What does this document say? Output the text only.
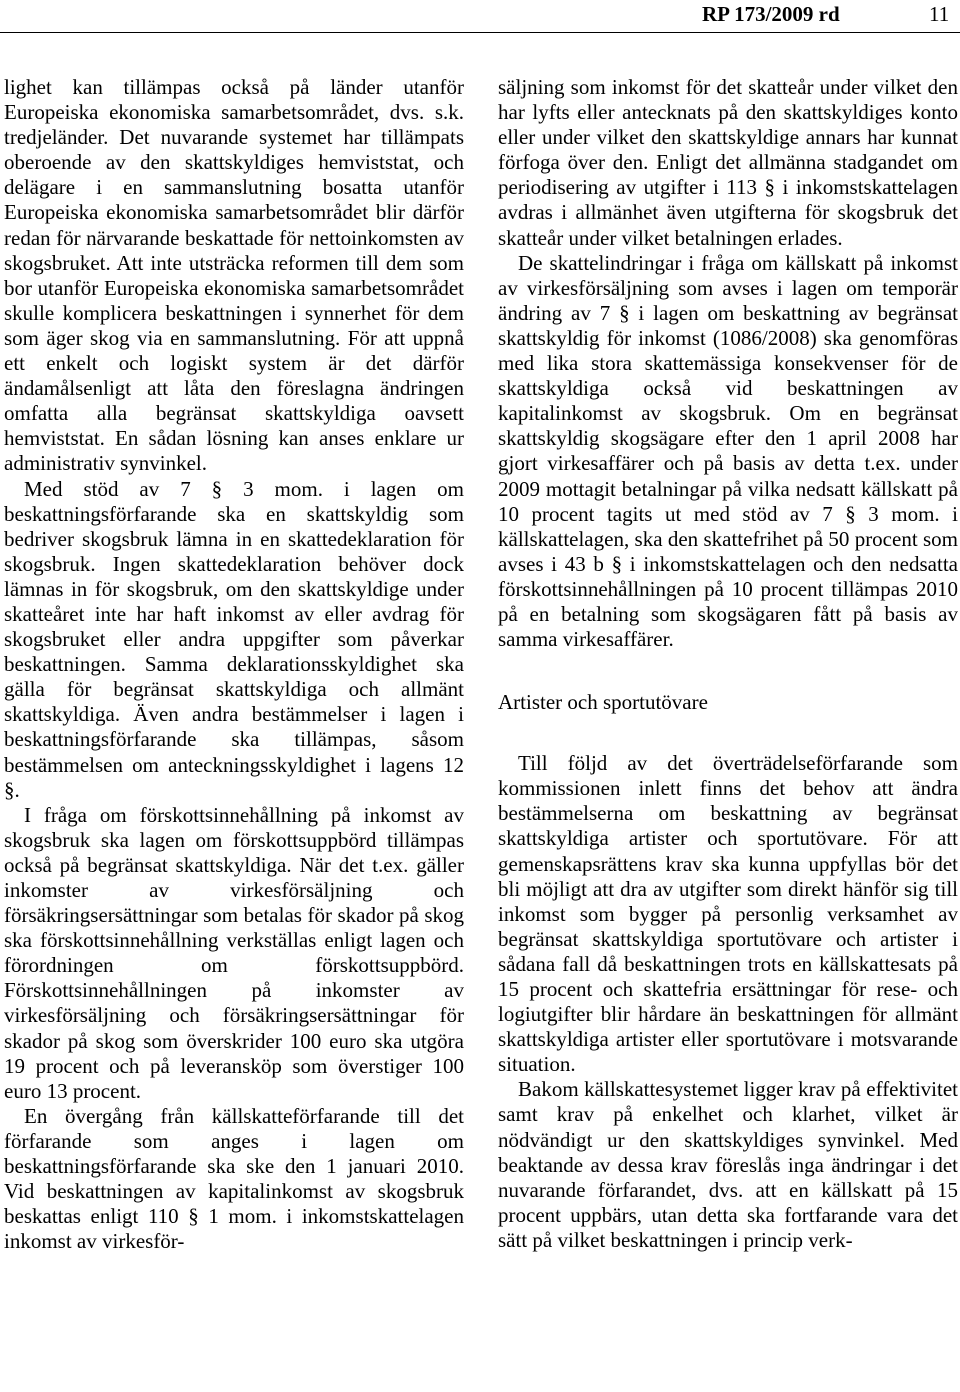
RP 173/2009 rd	11

lighet kan tillämpas också på länder utanför Europeiska ekonomiska samarbetsområdet, dvs. s.k. tredjeländer. Det nuvarande systemet har tillämpats oberoende av den skattskyldiges hemviststat, och delägare i en sammanslutning bosatta utanför Europeiska ekonomiska samarbetsområdet blir därför redan för närvarande beskattade för nettoinkomsten av skogsbruket. Att inte utsträcka reformen till dem som bor utanför Europeiska ekonomiska samarbetsområdet skulle komplicera beskattningen i synnerhet för dem som äger skog via en sammanslutning. För att uppnå ett enkelt och logiskt system är det därför ändamålsenligt att låta den föreslagna ändringen omfatta alla begränsat skattskyldiga oavsett hemviststat. En sådan lösning kan anses enklare ur administrativ synvinkel.

Med stöd av 7 § 3 mom. i lagen om beskattningsförfarande ska en skattskyldig som bedriver skogsbruk lämna in en skattedeklaration för skogsbruk. Ingen skattedeklaration behöver dock lämnas in för skogsbruk, om den skattskyldige under skatteåret inte har haft inkomst av eller avdrag för skogsbruket eller andra uppgifter som påverkar beskattningen. Samma deklarationsskyldighet ska gälla för begränsat skattskyldiga och allmänt skattskyldiga. Även andra bestämmelser i lagen i beskattningsförfarande ska tillämpas, såsom bestämmelsen om anteckningsskyldighet i lagens 12 §.

I fråga om förskottsinnehållning på inkomst av skogsbruk ska lagen om förskottsuppbörd tillämpas också på begränsat skattskyldiga. När det t.ex. gäller inkomster av virkesförsäljning och försäkringsersättningar som betalas för skador på skog ska förskottsinnehållning verkställas enligt lagen och förordningen om förskottsuppbörd. Förskottsinnehållningen på inkomster av virkesförsäljning och försäkringsersättningar för skador på skog som överskrider 100 euro ska utgöra 19 procent och på leveransköp som överstiger 100 euro 13 procent.

En övergång från källskatteförfarande till det förfarande som anges i lagen om beskattningsförfarande ska ske den 1 januari 2010. Vid beskattningen av kapitalinkomst av skogsbruk beskattas enligt 110 § 1 mom. i inkomstskattelagen inkomst av virkesför-

säljning som inkomst för det skatteår under vilket den har lyfts eller antecknats på den skattskyldiges konto eller under vilket den skattskyldige annars har kunnat förfoga över den. Enligt det allmänna stadgandet om periodisering av utgifter i 113 § i inkomstskattelagen avdras i allmänhet även utgifterna för skogsbruk det skatteår under vilket betalningen erlades.

De skattelindringar i fråga om källskatt på inkomst av virkesförsäljning som avses i lagen om temporär ändring av 7 § i lagen om beskattning av begränsat skattskyldig för inkomst (1086/2008) ska genomföras med lika stora skattemässiga konsekvenser för de skattskyldiga också vid beskattningen av kapitalinkomst av skogsbruk. Om en begränsat skattskyldig skogsägare efter den 1 april 2008 har gjort virkesaffärer och på basis av detta t.ex. under 2009 mottagit betalningar på vilka nedsatt källskatt på 10 procent tagits ut med stöd av 7 § 3 mom. i källskattelagen, ska den skattefrihet på 50 procent som avses i 43 b § i inkomstskattelagen och den nedsatta förskottsinnehållningen på 10 procent tillämpas 2010 på en betalning som skogsägaren fått på basis av samma virkesaffärer.

Artister och sportutövare

Till följd av det överträdelseförfarande som kommissionen inlett finns det behov att ändra bestämmelserna om beskattning av begränsat skattskyldiga artister och sportutövare. För att gemenskapsrättens krav ska kunna uppfyllas bör det bli möjligt att dra av utgifter som direkt hänför sig till inkomst som bygger på personlig verksamhet av begränsat skattskyldiga sportutövare och artister i sådana fall då beskattningen trots en källskattesats på 15 procent och skattefria ersättningar för rese- och logiutgifter blir hårdare än beskattningen för allmänt skattskyldiga artister eller sportutövare i motsvarande situation.

Bakom källskattesystemet ligger krav på effektivitet samt krav på enkelhet och klarhet, vilket är nödvändigt ur den skattskyldiges synvinkel. Med beaktande av dessa krav föreslås inga ändringar i det nuvarande förfarandet, dvs. att en källskatt på 15 procent uppbärs, utan detta ska fortfarande vara det sätt på vilket beskattningen i princip verk-
